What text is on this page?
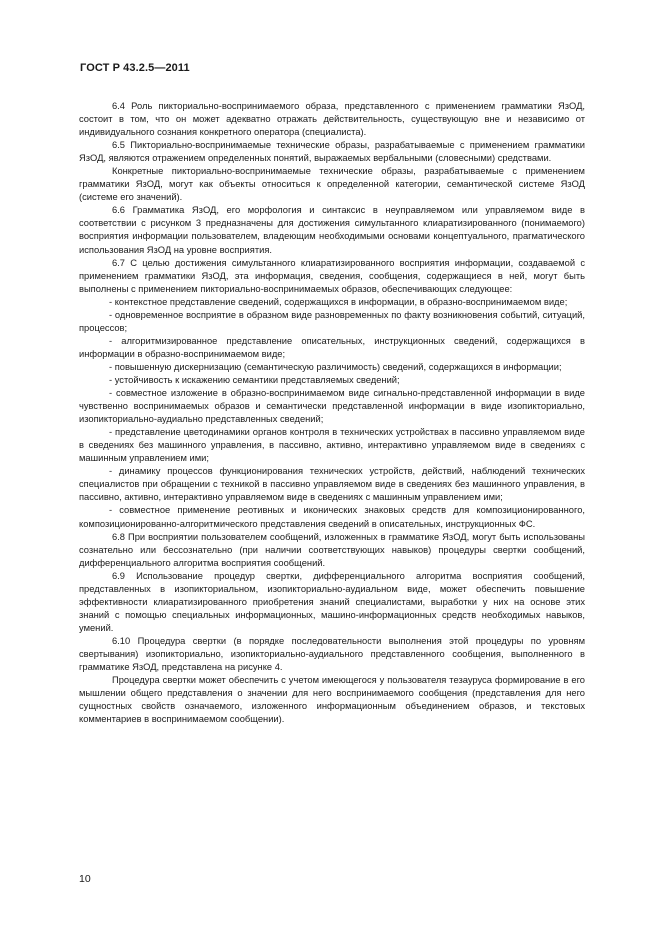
ГОСТ Р 43.2.5—2011

6.4 Роль пиктoриально-воспринимаемого образа, представленного с применением грамматики ЯзОД, состоит в том, что он может адекватно отражать действительность, существующую вне и независимо от индивидуального сознания конкретного оператора (специалиста).

6.5 Пиктoриально-воспринимаемые технические образы, разрабатываемые с применением грамматики ЯзОД, являются отражением определенных понятий, выражаемых вербальными (словесными) средствами.

Конкретные пиктoриально-воспринимаемые технические образы, разрабатываемые с применением грамматики ЯзОД, могут как объекты относиться к определенной категории, семантической системе ЯзОД (системе его значений).

6.6 Грамматика ЯзОД, его морфология и синтаксис в неуправляемом или управляемом виде в соответствии с рисунком 3 предназначены для достижения симультанного клиаратизированного (понимаемого) восприятия информации пользователем, владеющим необходимыми основами концептуального, прагматического использования ЯзОД на уровне восприятия.

6.7 С целью достижения симультанного клиаратизированного восприятия информации, создаваемой с применением грамматики ЯзОД, эта информация, сведения, сообщения, содержащиеся в ней, могут быть выполнены с применением пиктoриально-воспринимаемых образов, обеспечивающих следующее:

- контекстное представление сведений, содержащихся в информации, в образно-воспринимаемом виде;

- одновременное восприятие в образном виде разновременных по факту возникновения событий, ситуаций, процессов;

- алгоритмизированное представление описательных, инструкционных сведений, содержащихся в информации в образно-воспринимаемом виде;

- повышенную дискернизацию (семантическую различимость) сведений, содержащихся в информации;

- устойчивость к искажению семантики представляемых сведений;

- совместное изложение в образно-воспринимаемом виде сигнально-представленной информации в виде чувственно воспринимаемых образов и семантически представленной информации в виде изопиктoриально, изопиктoриально-аудиально представленных сведений;

- представление цветодинамики органов контроля в технических устройствах в пассивно управляемом виде в сведениях без машинного управления, в пассивно, активно, интерактивно управляемом виде в сведениях с машинным управлением ими;

- динамику процессов функционирования технических устройств, действий, наблюдений технических специалистов при обращении с техникой в пассивно управляемом виде в сведениях без машинного управления, в пассивно, активно, интерактивно управляемом виде в сведениях с машинным управлением ими;

- совместное применение реотивных и иконических знаковых средств для композиционированного, композиционированно-алгоритмического представления сведений в описательных, инструкционных ФС.

6.8 При восприятии пользователем сообщений, изложенных в грамматике ЯзОД, могут быть использованы сознательно или бессознательно (при наличии соответствующих навыков) процедуры свертки сообщений, дифференциального алгоритма восприятия сообщений.

6.9 Использование процедур свертки, дифференциального алгоритма восприятия сообщений, представленных в изопиктoриальном, изопиктoриально-аудиальном виде, может обеспечить повышение эффективности клиаратизированного приобретения знаний специалистами, выработки у них на основе этих знаний с помощью специальных информационных, машино-информационных средств необходимых навыков, умений.

6.10 Процедура свертки (в порядке последовательности выполнения этой процедуры по уровням свертывания) изопиктoриально, изопиктoриально-аудиального представленного сообщения, выполненного в грамматике ЯзОД, представлена на рисунке 4.

Процедура свертки может обеспечить с учетом имеющегося у пользователя тезауруса формирование в его мышлении общего представления о значении для него воспринимаемого сообщения (представления для него сущностных свойств означаемого, изложенного информационным объединением образов, и текстовых комментариев в воспринимаемом сообщении).

10
